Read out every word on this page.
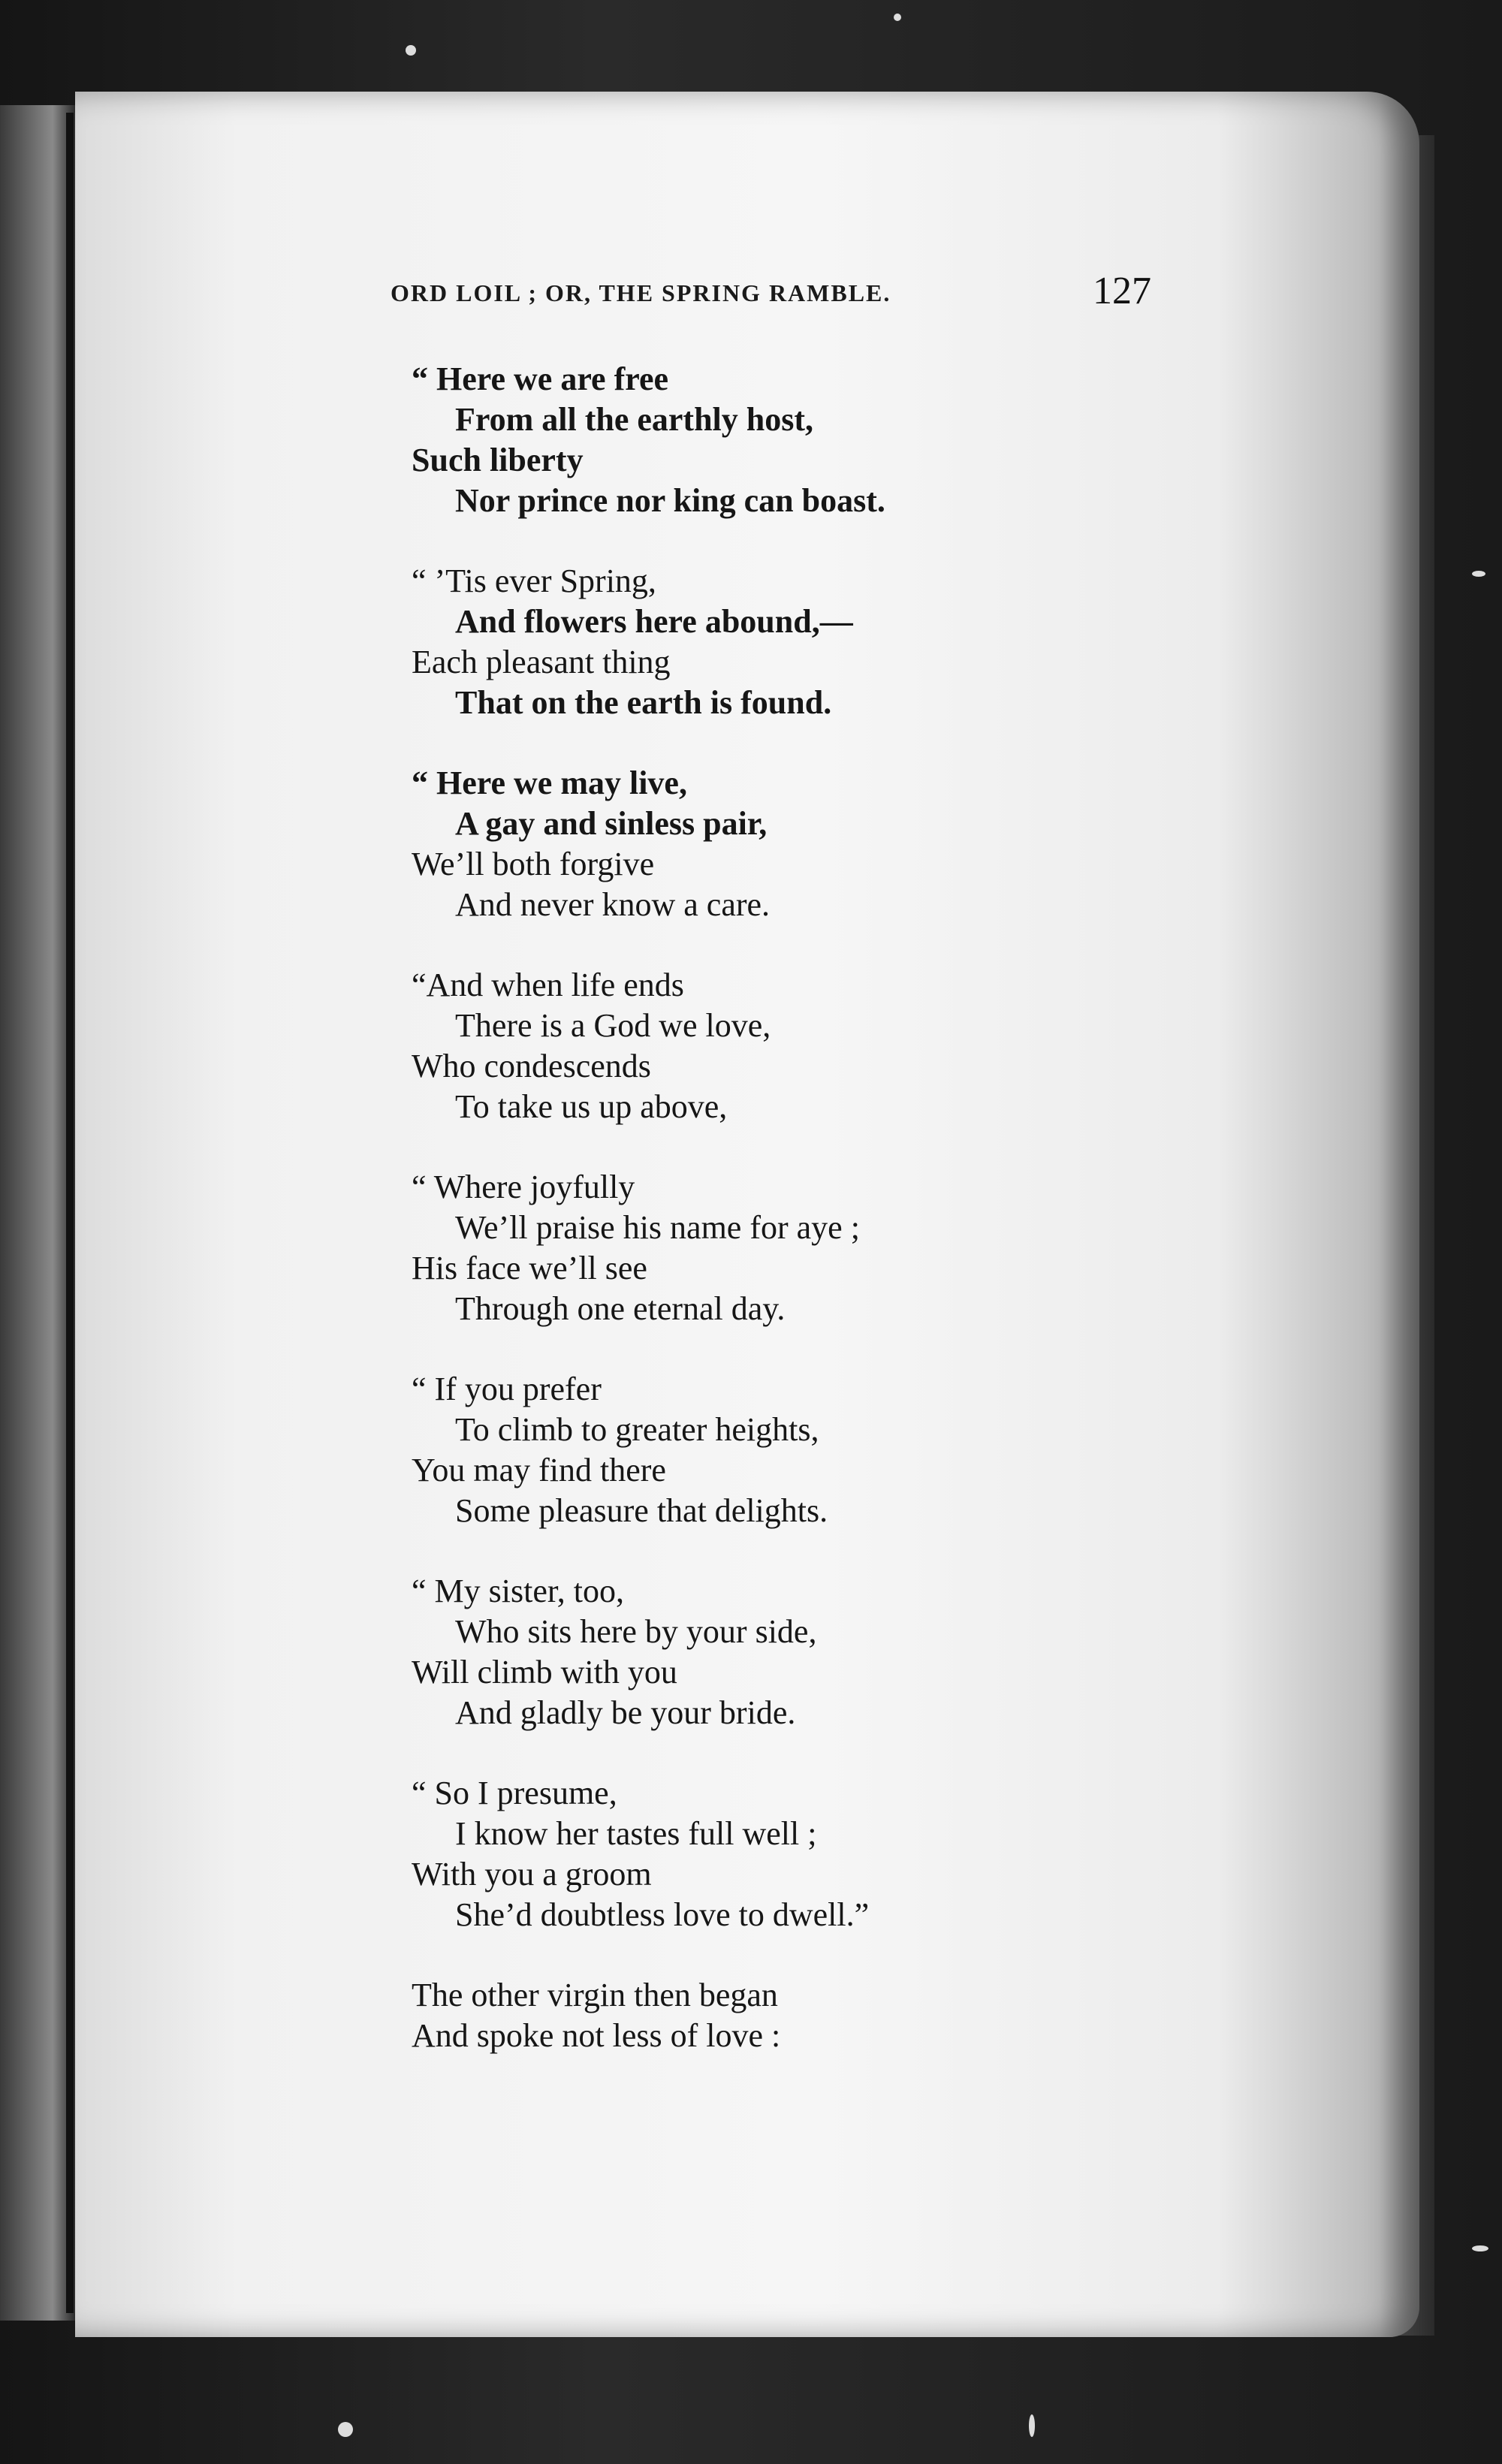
ORD LOIL ; OR, THE SPRING RAMBLE.	127
“ Here we are free
From all the earthly host,
Such liberty
Nor prince nor king can boast.
“ ’Tis ever Spring,
And flowers here abound,—
Each pleasant thing
That on the earth is found.
“ Here we may live,
A gay and sinless pair,
We’ll both forgive
And never know a care.
“And when life ends
There is a God we love,
Who condescends
To take us up above,
“ Where joyfully
We’ll praise his name for aye ;
His face we’ll see
Through one eternal day.
“ If you prefer
To climb to greater heights,
You may find there
Some pleasure that delights.
“ My sister, too,
Who sits here by your side,
Will climb with you
And gladly be your bride.
“ So I presume,
I know her tastes full well ;
With you a groom
She’d doubtless love to dwell.”
The other virgin then began
And spoke not less of love :
